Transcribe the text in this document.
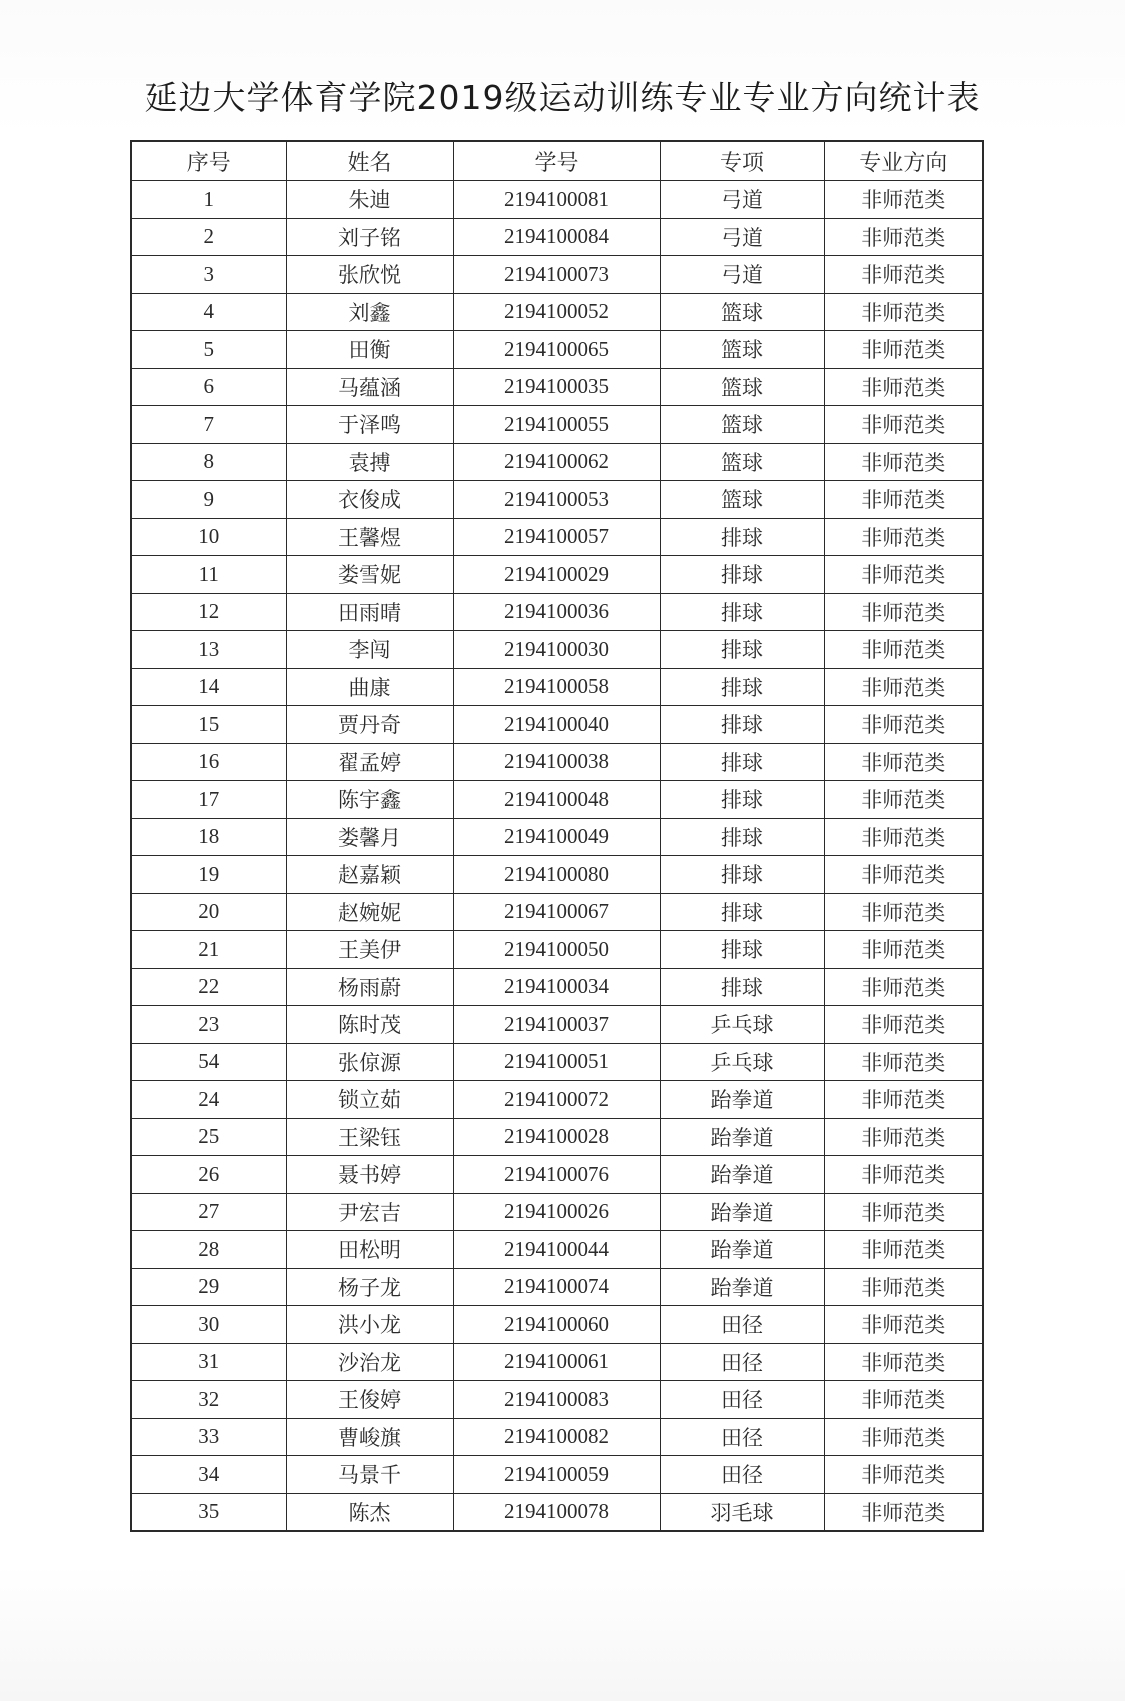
延边大学体育学院2019级运动训练专业专业方向统计表
序号	姓名	学号	专项	专业方向
1	朱迪	2194100081	弓道	非师范类
2	刘子铭	2194100084	弓道	非师范类
3	张欣悦	2194100073	弓道	非师范类
4	刘鑫	2194100052	篮球	非师范类
5	田衡	2194100065	篮球	非师范类
6	马蕴涵	2194100035	篮球	非师范类
7	于泽鸣	2194100055	篮球	非师范类
8	袁搏	2194100062	篮球	非师范类
9	衣俊成	2194100053	篮球	非师范类
10	王馨煜	2194100057	排球	非师范类
11	娄雪妮	2194100029	排球	非师范类
12	田雨晴	2194100036	排球	非师范类
13	李闯	2194100030	排球	非师范类
14	曲康	2194100058	排球	非师范类
15	贾丹奇	2194100040	排球	非师范类
16	翟孟婷	2194100038	排球	非师范类
17	陈宇鑫	2194100048	排球	非师范类
18	娄馨月	2194100049	排球	非师范类
19	赵嘉颖	2194100080	排球	非师范类
20	赵婉妮	2194100067	排球	非师范类
21	王美伊	2194100050	排球	非师范类
22	杨雨蔚	2194100034	排球	非师范类
23	陈时茂	2194100037	乒乓球	非师范类
54	张倞源	2194100051	乒乓球	非师范类
24	锁立茹	2194100072	跆拳道	非师范类
25	王梁钰	2194100028	跆拳道	非师范类
26	聂书婷	2194100076	跆拳道	非师范类
27	尹宏吉	2194100026	跆拳道	非师范类
28	田松明	2194100044	跆拳道	非师范类
29	杨子龙	2194100074	跆拳道	非师范类
30	洪小龙	2194100060	田径	非师范类
31	沙治龙	2194100061	田径	非师范类
32	王俊婷	2194100083	田径	非师范类
33	曹峻旗	2194100082	田径	非师范类
34	马景千	2194100059	田径	非师范类
35	陈杰	2194100078	羽毛球	非师范类
